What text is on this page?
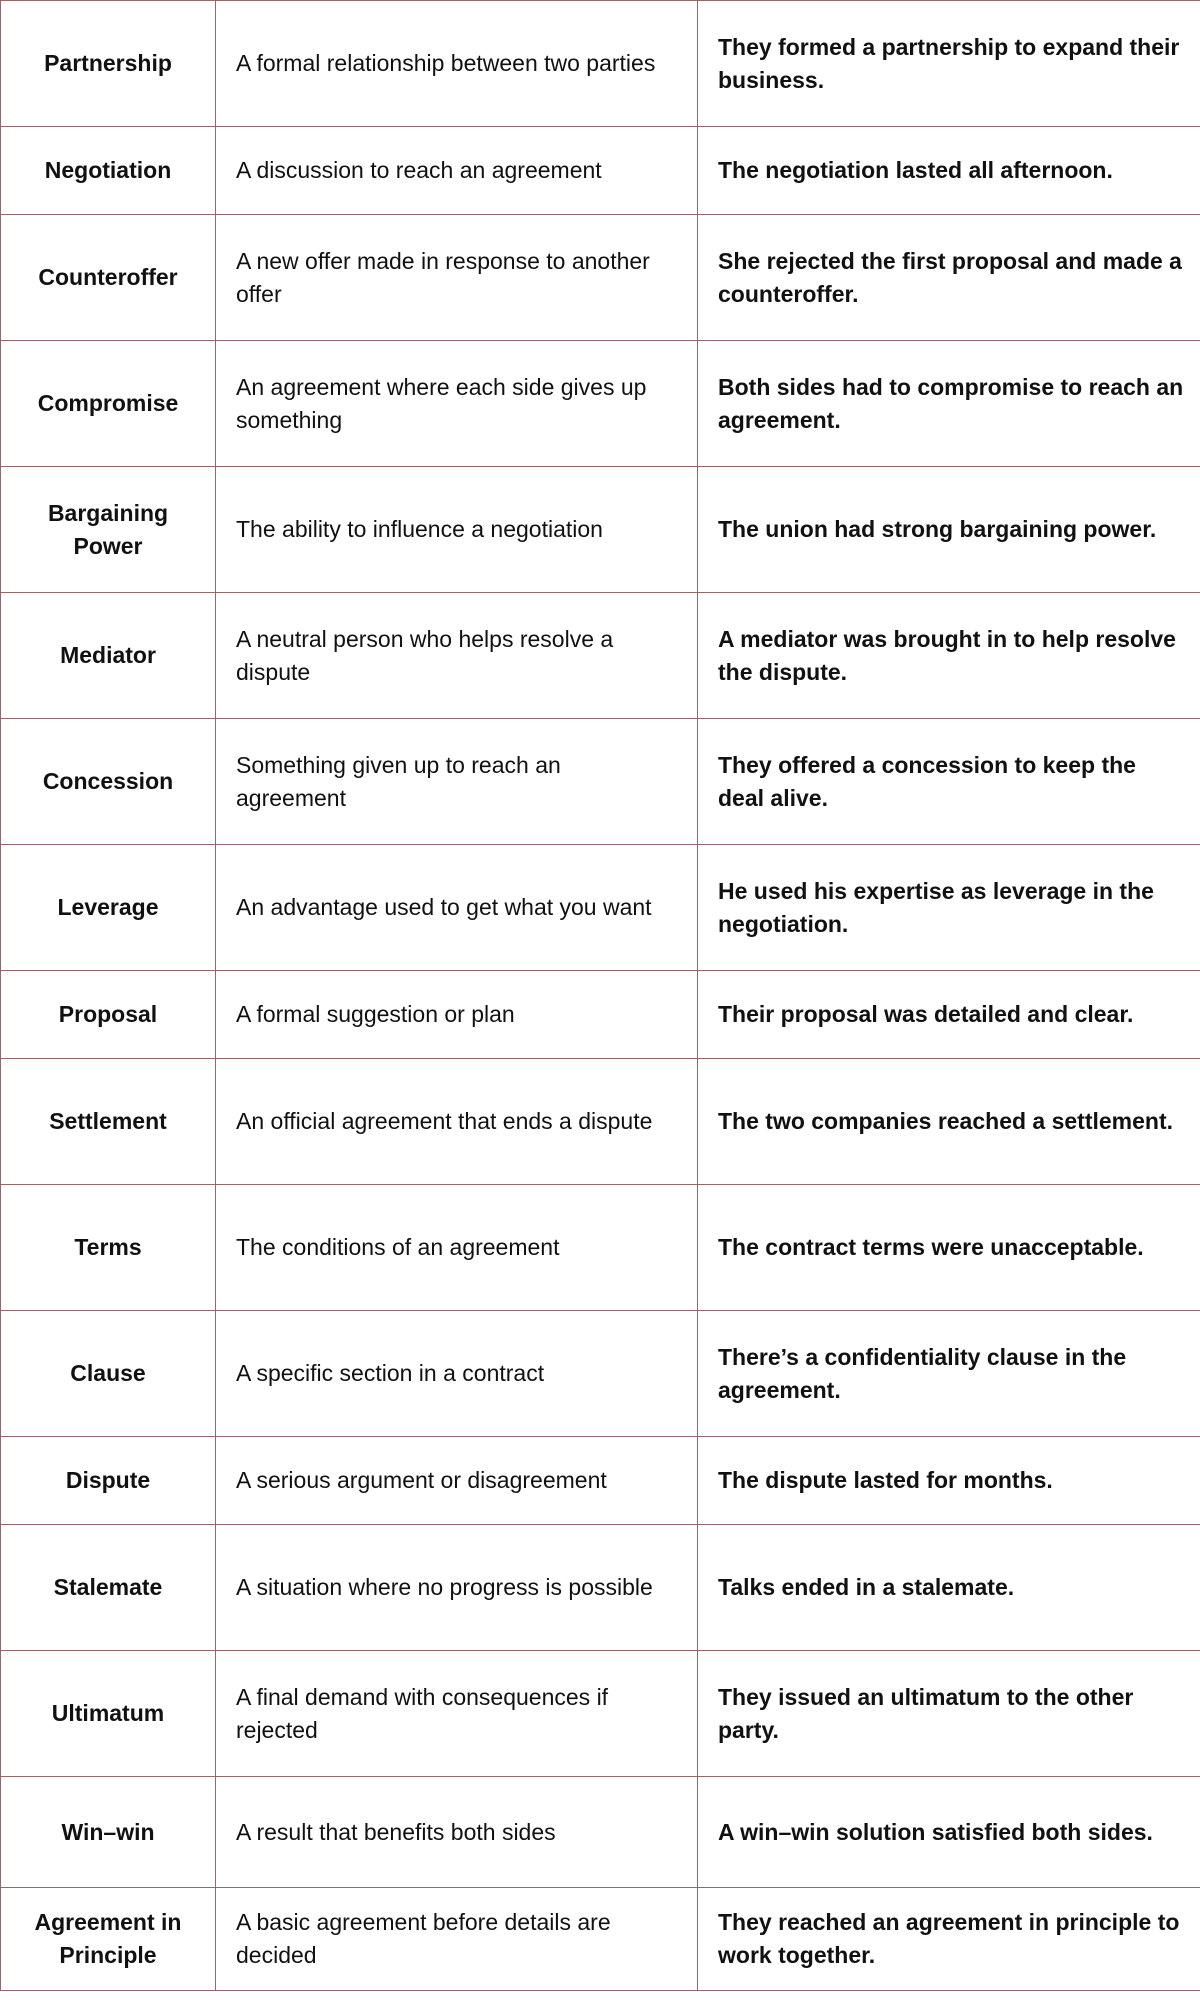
Partnership	A formal relationship between two parties	They formed a partnership to expand their business.
Negotiation	A discussion to reach an agreement	The negotiation lasted all afternoon.
Counteroffer	A new offer made in response to another offer	She rejected the first proposal and made a counteroffer.
Compromise	An agreement where each side gives up something	Both sides had to compromise to reach an agreement.
Bargaining Power	The ability to influence a negotiation	The union had strong bargaining power.
Mediator	A neutral person who helps resolve a dispute	A mediator was brought in to help resolve the dispute.
Concession	Something given up to reach an agreement	They offered a concession to keep the deal alive.
Leverage	An advantage used to get what you want	He used his expertise as leverage in the negotiation.
Proposal	A formal suggestion or plan	Their proposal was detailed and clear.
Settlement	An official agreement that ends a dispute	The two companies reached a settlement.
Terms	The conditions of an agreement	The contract terms were unacceptable.
Clause	A specific section in a contract	There’s a confidentiality clause in the agreement.
Dispute	A serious argument or disagreement	The dispute lasted for months.
Stalemate	A situation where no progress is possible	Talks ended in a stalemate.
Ultimatum	A final demand with consequences if rejected	They issued an ultimatum to the other party.
Win–win	A result that benefits both sides	A win–win solution satisfied both sides.
Agreement in Principle	A basic agreement before details are decided	They reached an agreement in principle to work together.
